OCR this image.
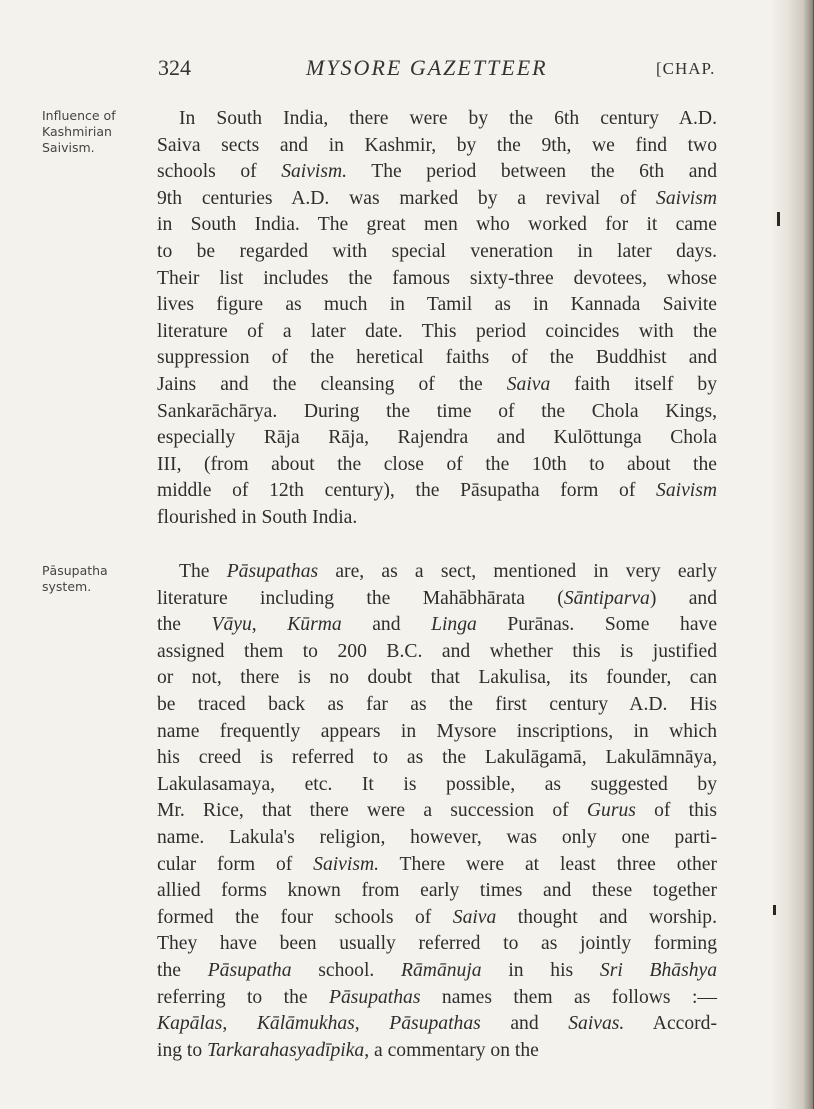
324	MYSORE GAZETTEER	[CHAP.
Influence of
Kashmirian
Saivism.
In South India, there were by the 6th century A.D.
Saiva sects and in Kashmir, by the 9th, we find two
schools of Saivism. The period between the 6th and
9th centuries A.D. was marked by a revival of Saivism
in South India. The great men who worked for it came
to be regarded with special veneration in later days.
Their list includes the famous sixty-three devotees, whose
lives figure as much in Tamil as in Kannada Saivite
literature of a later date. This period coincides with the
suppression of the heretical faiths of the Buddhist and
Jains and the cleansing of the Saiva faith itself by
Sankarāchārya. During the time of the Chola Kings,
especially Rāja Rāja, Rajendra and Kulōttunga Chola
III, (from about the close of the 10th to about the
middle of 12th century), the Pāsupatha form of Saivism
flourished in South India.
Pāsupatha
system.
The Pāsupathas are, as a sect, mentioned in very early
literature including the Mahābhārata (Sāntiparva) and
the Vāyu, Kūrma and Linga Purānas. Some have
assigned them to 200 B.C. and whether this is justified
or not, there is no doubt that Lakulisa, its founder, can
be traced back as far as the first century A.D. His
name frequently appears in Mysore inscriptions, in which
his creed is referred to as the Lakulāgamā, Lakulāmnāya,
Lakulasamaya, etc. It is possible, as suggested by
Mr. Rice, that there were a succession of Gurus of this
name. Lakula's religion, however, was only one parti-
cular form of Saivism. There were at least three other
allied forms known from early times and these together
formed the four schools of Saiva thought and worship.
They have been usually referred to as jointly forming
the Pāsupatha school. Rāmānuja in his Sri Bhāshya
referring to the Pāsupathas names them as follows :—
Kapālas, Kālāmukhas, Pāsupathas and Saivas. Accord-
ing to Tarkarahasyadīpika, a commentary on the
